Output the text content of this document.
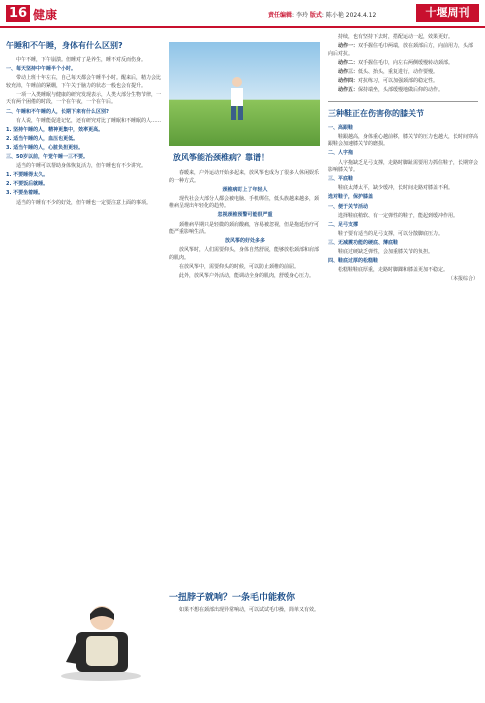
16 健康	责任编辑: 李玲 版式: 陈小艳 2024.4.12	十堰周刊
午睡和不午睡，身体有什么区别?

中午不睡，下午崩溃。但睡对了是养生，睡不对反而伤身。

一、每天坚持中午睡半个小时。

带动上班十年左右，自己每天都会午睡半小时。醒来后，精力会比较充沛，午睡前的紧绷，下午关于脑力的状态一般也会有提升。

一项一入类睡眠与健康的研究发现表示，人类大部分生物节律，一天有两个困倦的时段，一个在午夜，一个在午后。

二、午睡和不午睡的人，长期下来有什么区别?

有人说，午睡能促进记忆，还有研究对比了睡眠和不睡眠的人……

1. 坚持午睡的人，精神更集中，效率更高。

2. 适当午睡的人，血压也更低。

3. 适当午睡的人，心脏负担更轻。

三、50岁以前，午觉午睡一三不要。

适当的午睡可以帮助身体恢复活力，但午睡也有不少讲究。

1. 不要睡得太久。

2. 不要饭后就睡。

3. 不要坐着睡。

适当的午睡有不少的好处，但午睡也一定要注意上面的事项。

放风筝能治颈椎病？靠谱！

春暖来，户外运动开始多起来，放风筝也成为了很多人休闲娱乐的一种方式。

颈椎病盯上了年轻人

现代社会大部分人都会被电脑、手机绑住，低头族越来越多，颈椎病呈现出年轻化的趋势。

忽视颈椎预警可能很严重

颈椎病早期只是轻微的颈肩酸痛，容易被忽视，但是拖延治疗可能严重影响生活。

放风筝的好处多多

放风筝时，人们需要仰头，身体自然舒展，能够放松颈部和肩部的肌肉。

在放风筝中，需要仰头的时候，可以防止颈椎的前屈。

此外，放风筝户外活动，能调动全身的肌肉，舒缓身心压力。

一扭脖子就响？一条毛巾能救你

如果不想在颈部出现异常响动，可以试试毛巾操，简单又有效。

持续，也有坚持下去时，搭配运动一起，效果更好。

动作一：双手握住毛巾两端，放在颈部后方，向前用力，头部向后对抗。

动作二：双手握住毛巾，向左右两侧缓慢转动颈部。

动作三：低头、抬头，重复进行，动作要慢。

动作四：对抗练习，可以加强颈部的稳定性。

动作五：保持端坐，头部缓慢地做后仰的动作。

三种鞋正在伤害你的膝关节

一、高跟鞋

鞋跟越高，身体重心越前移，膝关节的压力也越大，长时间穿高跟鞋会加速膝关节的磨损。

二、人字拖

人字拖缺乏足弓支撑，走路时脚趾需要用力抓住鞋子，长期穿会影响膝关节。

三、平底鞋

鞋底太薄太平，缺少缓冲，长时间走路对膝盖不利。

选对鞋子，保护膝盖

一、便于关节活动

选择鞋底稍软、有一定弹性的鞋子，能起到缓冲作用。

二、足弓支撑

鞋子要有适当的足弓支撑，可以分散脚底压力。

三、无减震功能的硬底、薄底鞋

鞋底过硬缺乏弹性，会加重膝关节的负担。

四、鞋底过厚的松糕鞋

松糕鞋鞋底厚重，走路时脚踝和膝盖更加不稳定。

（本报综合）
